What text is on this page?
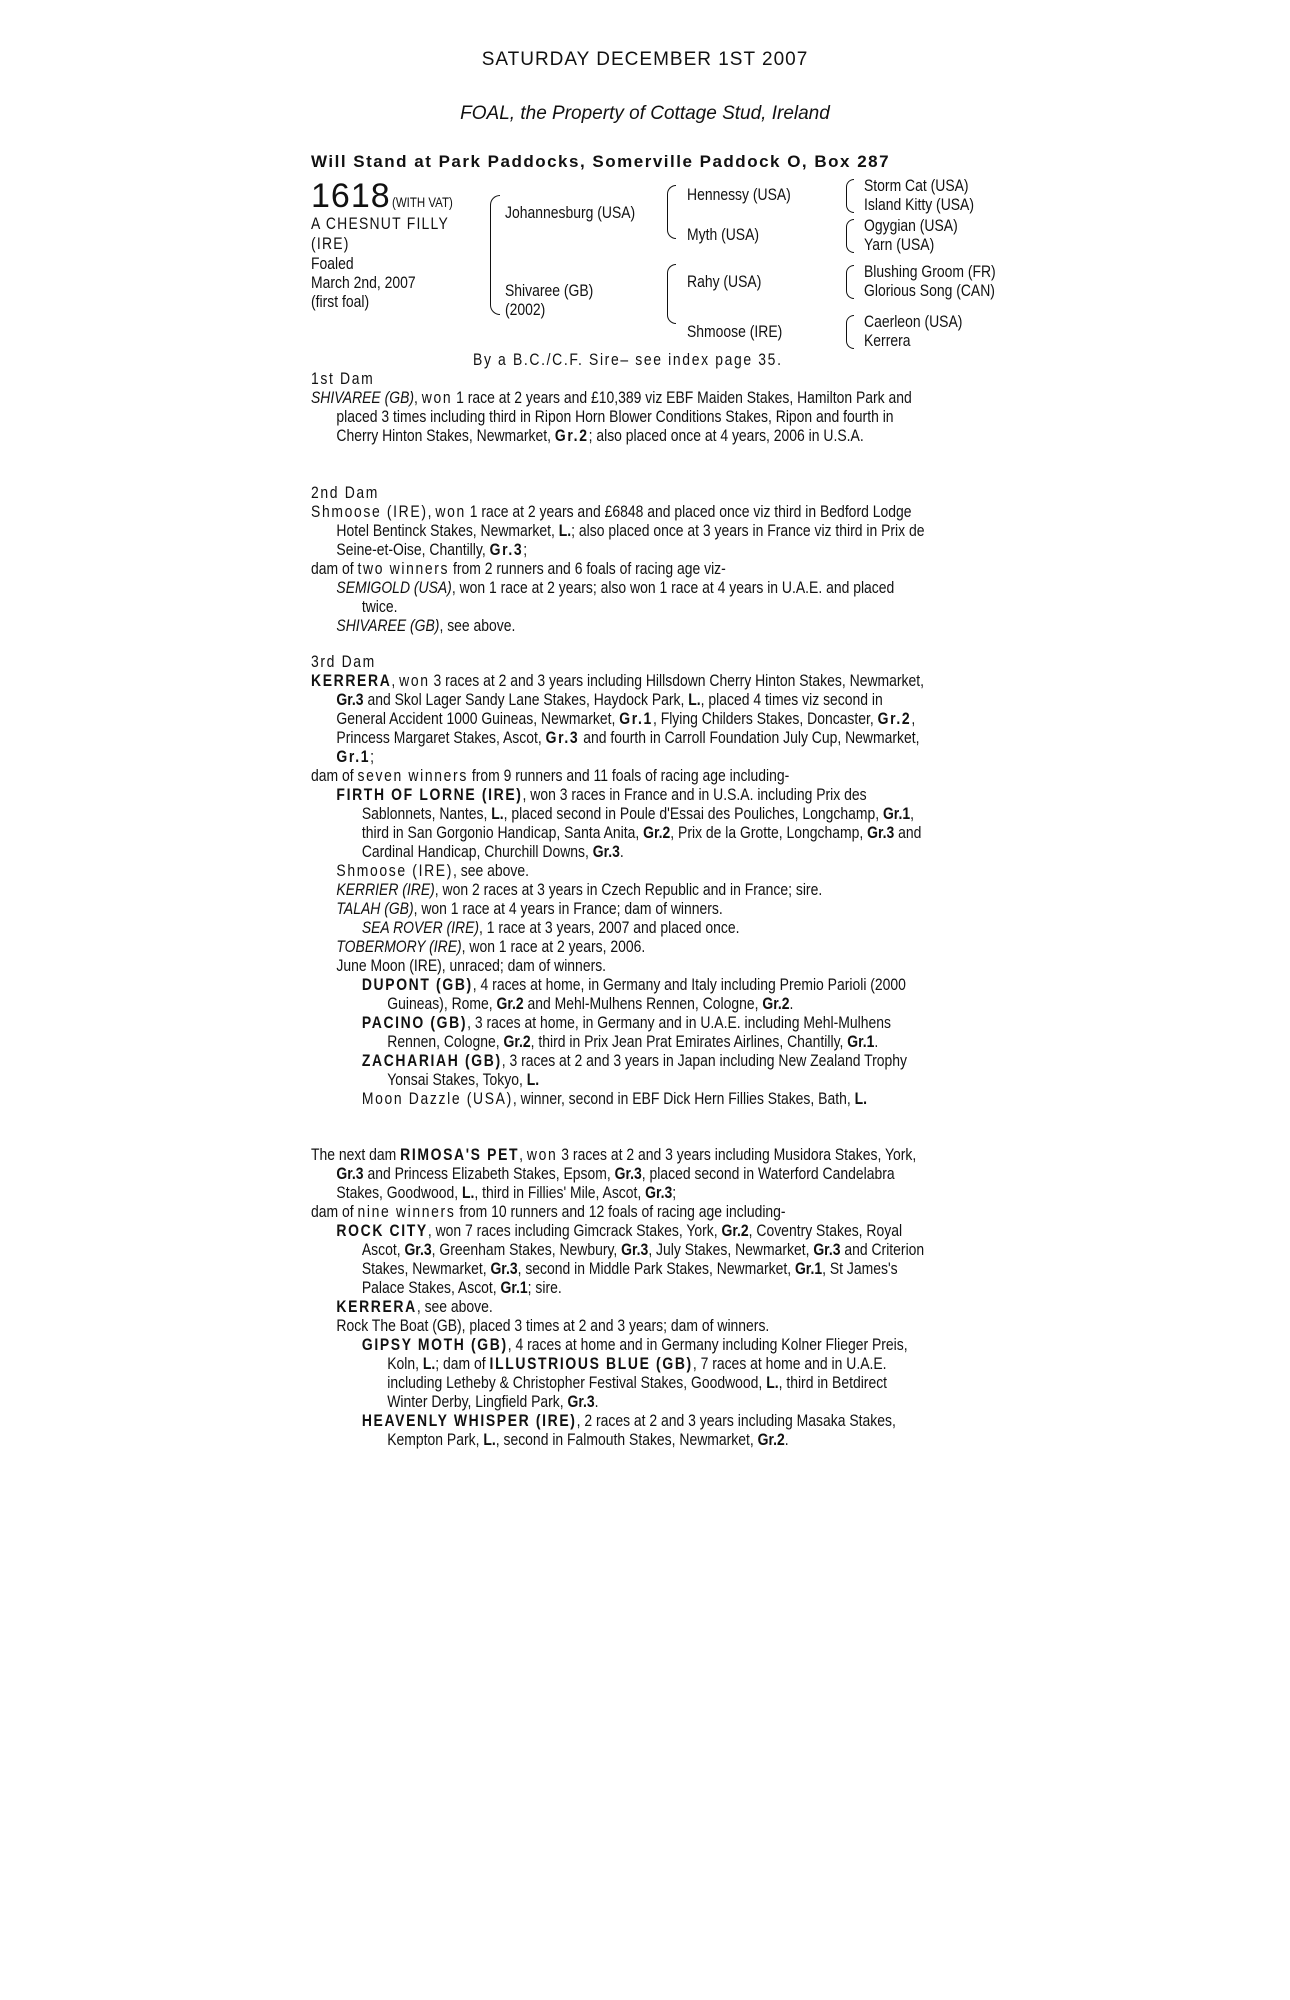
SATURDAY DECEMBER 1ST 2007
FOAL, the Property of Cottage Stud, Ireland
Will Stand at Park Paddocks, Somerville Paddock O, Box 287
1618 (WITH VAT)
A CHESNUT FILLY
(IRE)
Foaled
March 2nd, 2007
(first foal)
Johannesburg (USA)
Shivaree (GB)
(2002)
Hennessy (USA)
Myth (USA)
Rahy (USA)
Shmoose (IRE)
Storm Cat (USA)
Island Kitty (USA)
Ogygian (USA)
Yarn (USA)
Blushing Groom (FR)
Glorious Song (CAN)
Caerleon (USA)
Kerrera
By a B.C./C.F. Sire– see index page 35.

1st Dam

SHIVAREE (GB), won 1 race at 2 years and £10,389 viz EBF Maiden Stakes, Hamilton Park and placed 3 times including third in Ripon Horn Blower Conditions Stakes, Ripon and fourth in Cherry Hinton Stakes, Newmarket, Gr.2; also placed once at 4 years, 2006 in U.S.A.

2nd Dam

Shmoose (IRE), won 1 race at 2 years and £6848 and placed once viz third in Bedford Lodge Hotel Bentinck Stakes, Newmarket, L.; also placed once at 3 years in France viz third in Prix de Seine-et-Oise, Chantilly, Gr.3;

dam of two winners from 2 runners and 6 foals of racing age viz-

SEMIGOLD (USA), won 1 race at 2 years; also won 1 race at 4 years in U.A.E. and placed twice.

SHIVAREE (GB), see above.

3rd Dam

KERRERA, won 3 races at 2 and 3 years including Hillsdown Cherry Hinton Stakes, Newmarket, Gr.3 and Skol Lager Sandy Lane Stakes, Haydock Park, L., placed 4 times viz second in General Accident 1000 Guineas, Newmarket, Gr.1, Flying Childers Stakes, Doncaster, Gr.2, Princess Margaret Stakes, Ascot, Gr.3 and fourth in Carroll Foundation July Cup, Newmarket, Gr.1;

dam of seven winners from 9 runners and 11 foals of racing age including-

FIRTH OF LORNE (IRE), won 3 races in France and in U.S.A. including Prix des Sablonnets, Nantes, L., placed second in Poule d'Essai des Pouliches, Longchamp, Gr.1, third in San Gorgonio Handicap, Santa Anita, Gr.2, Prix de la Grotte, Longchamp, Gr.3 and Cardinal Handicap, Churchill Downs, Gr.3.

Shmoose (IRE), see above.

KERRIER (IRE), won 2 races at 3 years in Czech Republic and in France; sire.

TALAH (GB), won 1 race at 4 years in France; dam of winners.

SEA ROVER (IRE), 1 race at 3 years, 2007 and placed once.

TOBERMORY (IRE), won 1 race at 2 years, 2006.

June Moon (IRE), unraced; dam of winners.

DUPONT (GB), 4 races at home, in Germany and Italy including Premio Parioli (2000 Guineas), Rome, Gr.2 and Mehl-Mulhens Rennen, Cologne, Gr.2.

PACINO (GB), 3 races at home, in Germany and in U.A.E. including Mehl-Mulhens Rennen, Cologne, Gr.2, third in Prix Jean Prat Emirates Airlines, Chantilly, Gr.1.

ZACHARIAH (GB), 3 races at 2 and 3 years in Japan including New Zealand Trophy Yonsai Stakes, Tokyo, L.

Moon Dazzle (USA), winner, second in EBF Dick Hern Fillies Stakes, Bath, L.

The next dam RIMOSA'S PET, won 3 races at 2 and 3 years including Musidora Stakes, York, Gr.3 and Princess Elizabeth Stakes, Epsom, Gr.3, placed second in Waterford Candelabra Stakes, Goodwood, L., third in Fillies' Mile, Ascot, Gr.3;

dam of nine winners from 10 runners and 12 foals of racing age including-

ROCK CITY, won 7 races including Gimcrack Stakes, York, Gr.2, Coventry Stakes, Royal Ascot, Gr.3, Greenham Stakes, Newbury, Gr.3, July Stakes, Newmarket, Gr.3 and Criterion Stakes, Newmarket, Gr.3, second in Middle Park Stakes, Newmarket, Gr.1, St James's Palace Stakes, Ascot, Gr.1; sire.

KERRERA, see above.

Rock The Boat (GB), placed 3 times at 2 and 3 years; dam of winners.

GIPSY MOTH (GB), 4 races at home and in Germany including Kolner Flieger Preis, Koln, L.; dam of ILLUSTRIOUS BLUE (GB), 7 races at home and in U.A.E. including Letheby & Christopher Festival Stakes, Goodwood, L., third in Betdirect Winter Derby, Lingfield Park, Gr.3.

HEAVENLY WHISPER (IRE), 2 races at 2 and 3 years including Masaka Stakes, Kempton Park, L., second in Falmouth Stakes, Newmarket, Gr.2.
